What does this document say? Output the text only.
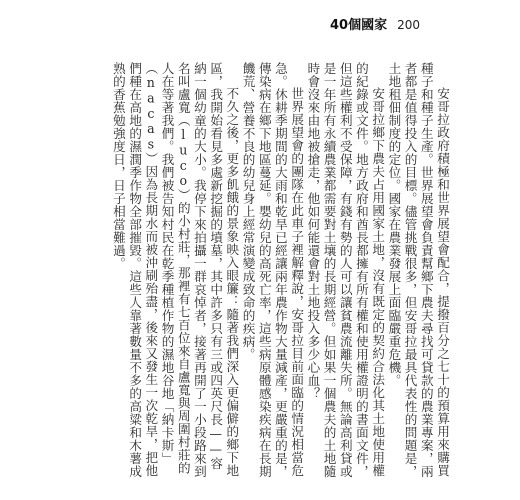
40個國家 200

安哥拉政府積極和世界展望會配合，提撥百分之七十的預算用來購買種子和種子生產。世界展望會負責幫鄉下農夫尋找可貸款的農業專案，兩者都是值得投入的目標。儘管挑戰很多，但安哥拉最具代表性的問題是，土地租佃制度的定位。國家在農業發展上面臨嚴重危機。

安哥拉鄉下農夫占用國家土地，沒有既定的契約合法化其土地使用權的紀錄或文件。地方政府和酋長都擁有所有權和使用權證明的書面文件，但這些權利不受保障，有錢有勢的人可以讓貧農流離失所。無論高利貸或是一年所有永續農業都需要對土壤的長期經營。但如果一個農夫的土地隨時會沒來由地被搶走，他如何能還會對土地投入多少心血？

世界展望會的團隊在此車子裡解釋說，安哥拉目前面臨的情況相當危急。休耕季期間的大雨和乾旱已經讓兩年農作物大量減產，更嚴重的是，傳染病在鄉下地區蔓延。嬰幼兒的高死亡率，這些病原體感染疾病在長期饑荒、營養不良的幼兒身上經常演變成致命的疾病。

不久之後，更多飢餓的景象映入眼簾：隨著我們深入更偏僻的鄉下地區，我開始看見多處新挖掘的墳墓，其中許多只有三或四英尺長——容納一個幼童的大小。我停下來拍攝一群哀悼者，接著再開了一小段路來到名叫盧寬（luco）的小村莊，那裡有七百位來自盧寬與周圍村莊的人在等著我們。我們被告知村民在乾季種植作物的濕地谷地「納卡斯」（nacas）因為長期水而被沖刷殆盡，後來又發生一次乾旱，把他們種在高地的濕潤季作物全部摧毀。這些人靠著數量不多的高粱和木薯成熟的香蕉勉強度日，日子相當難過。
